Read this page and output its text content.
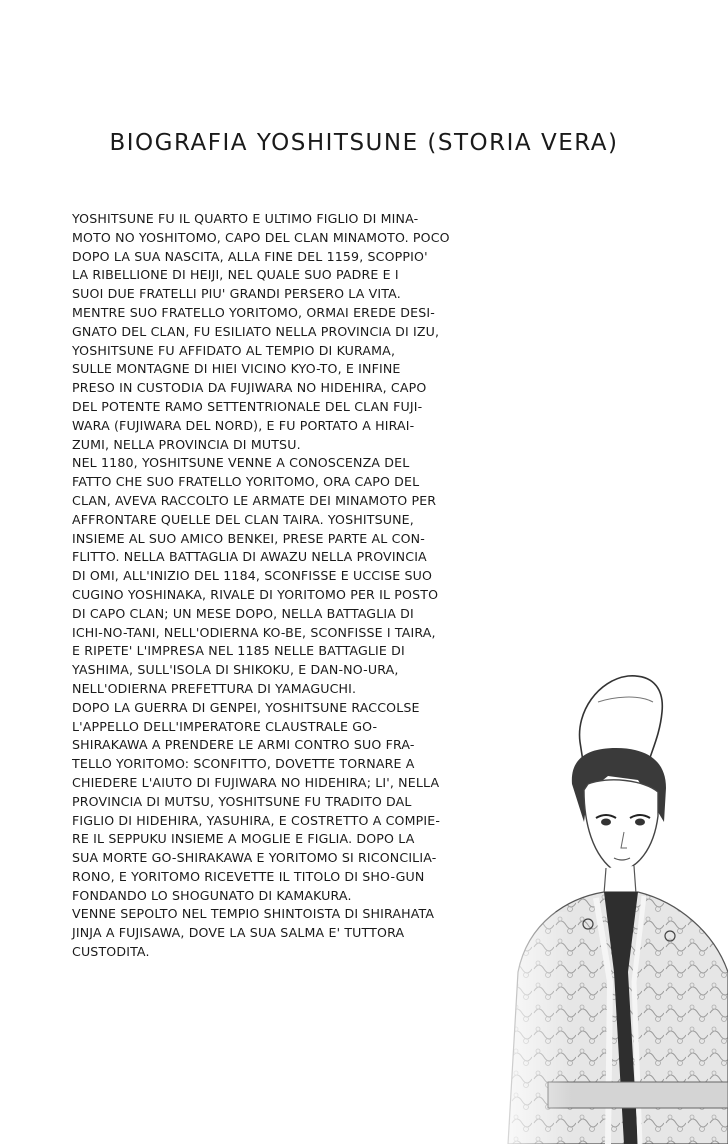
BIOGRAFIA YOSHITSUNE (STORIA VERA)

YOSHITSUNE FU IL QUARTO E ULTIMO FIGLIO DI MINA-
MOTO NO YOSHITOMO, CAPO DEL CLAN MINAMOTO. POCO
DOPO LA SUA NASCITA, ALLA FINE DEL 1159, SCOPPIO'
LA RIBELLIONE DI HEIJI, NEL QUALE SUO PADRE E I
SUOI DUE FRATELLI PIU' GRANDI PERSERO LA VITA.
MENTRE SUO FRATELLO YORITOMO, ORMAI EREDE DESI-
GNATO DEL CLAN, FU ESILIATO NELLA PROVINCIA DI IZU,
YOSHITSUNE FU AFFIDATO AL TEMPIO DI KURAMA,
SULLE MONTAGNE DI HIEI VICINO KYO-TO, E INFINE
PRESO IN CUSTODIA DA FUJIWARA NO HIDEHIRA, CAPO
DEL POTENTE RAMO SETTENTRIONALE DEL CLAN FUJI-
WARA (FUJIWARA DEL NORD), E FU PORTATO A HIRAI-
ZUMI, NELLA PROVINCIA DI MUTSU.
NEL 1180, YOSHITSUNE VENNE A CONOSCENZA DEL
FATTO CHE SUO FRATELLO YORITOMO, ORA CAPO DEL
CLAN, AVEVA RACCOLTO LE ARMATE DEI MINAMOTO PER
AFFRONTARE QUELLE DEL CLAN TAIRA. YOSHITSUNE,
INSIEME AL SUO AMICO BENKEI, PRESE PARTE AL CON-
FLITTO. NELLA BATTAGLIA DI AWAZU NELLA PROVINCIA
DI OMI, ALL'INIZIO DEL 1184, SCONFISSE E UCCISE SUO
CUGINO YOSHINAKA, RIVALE DI YORITOMO PER IL POSTO
DI CAPO CLAN; UN MESE DOPO, NELLA BATTAGLIA DI
ICHI-NO-TANI, NELL'ODIERNA KO-BE, SCONFISSE I TAIRA,
E RIPETE' L'IMPRESA NEL 1185 NELLE BATTAGLIE DI
YASHIMA, SULL'ISOLA DI SHIKOKU, E DAN-NO-URA,
NELL'ODIERNA PREFETTURA DI YAMAGUCHI.
DOPO LA GUERRA DI GENPEI, YOSHITSUNE RACCOLSE
L'APPELLO DELL'IMPERATORE CLAUSTRALE GO-
SHIRAKAWA A PRENDERE LE ARMI CONTRO SUO FRA-
TELLO YORITOMO: SCONFITTO, DOVETTE TORNARE A
CHIEDERE L'AIUTO DI FUJIWARA NO HIDEHIRA; LI', NELLA
PROVINCIA DI MUTSU, YOSHITSUNE FU TRADITO DAL
FIGLIO DI HIDEHIRA, YASUHIRA, E COSTRETTO A COMPIE-
RE IL SEPPUKU INSIEME A MOGLIE E FIGLIA. DOPO LA
SUA MORTE GO-SHIRAKAWA E YORITOMO SI RICONCILIA-
RONO, E YORITOMO RICEVETTE IL TITOLO DI SHO-GUN
FONDANDO LO SHOGUNATO DI KAMAKURA.
VENNE SEPOLTO NEL TEMPIO SHINTOISTA DI SHIRAHATA
JINJA A FUJISAWA, DOVE LA SUA SALMA E' TUTTORA
CUSTODITA.
